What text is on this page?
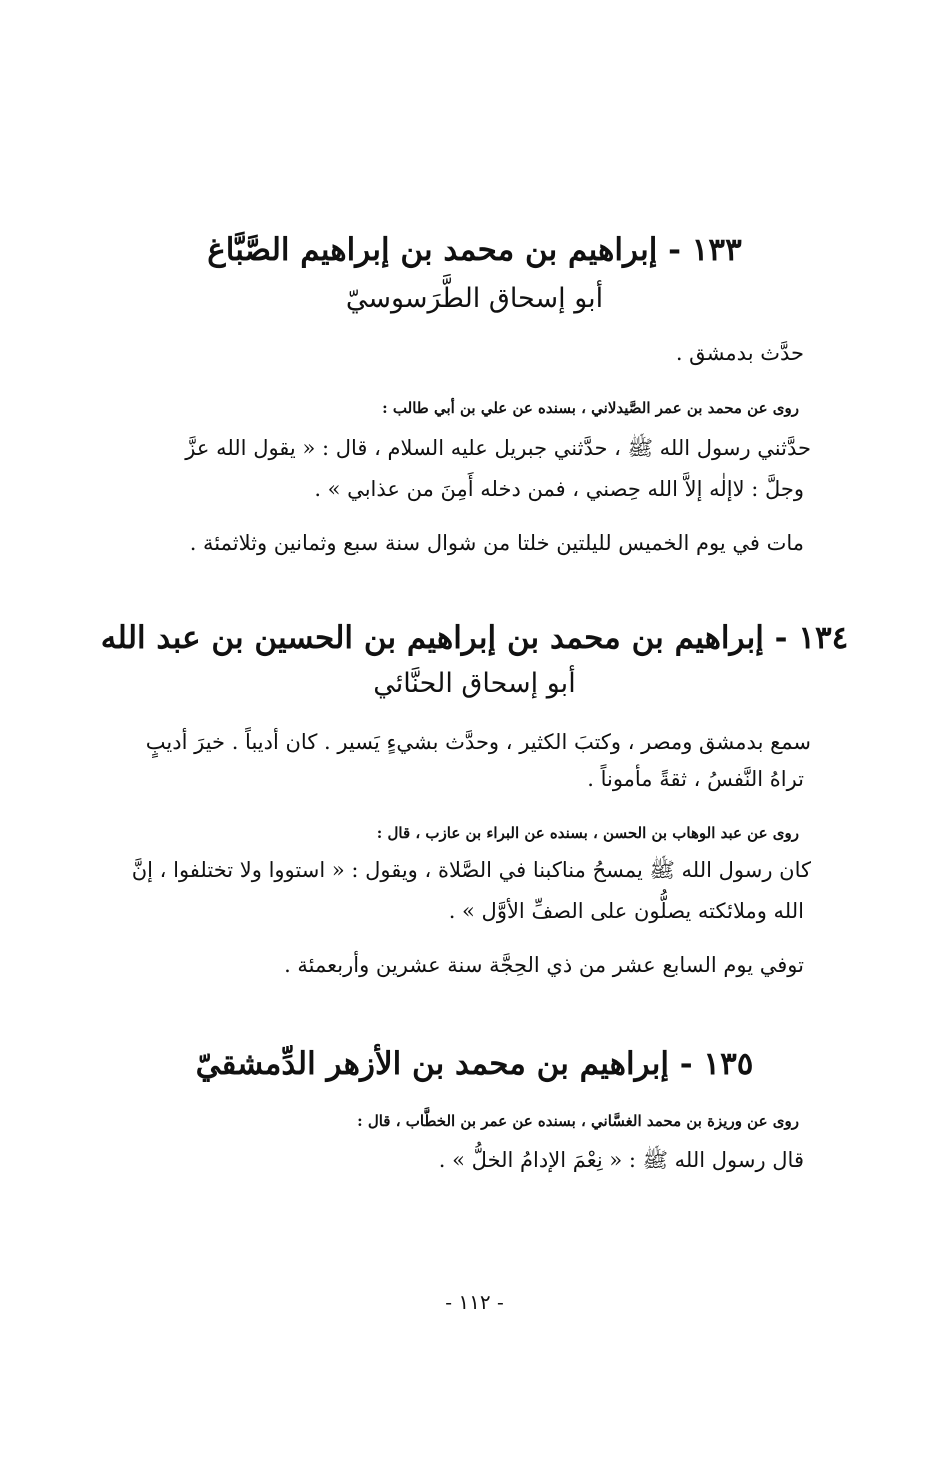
١٣٣ - إبراهيم بن محمد بن إبراهيم الصَّبَّاغ
أبو إسحاق الطَّرَسوسيّ
حدَّث بدمشق .
روى عن محمد بن عمر الصَّيدلاني ، بسنده عن علي بن أبي طالب :
حدَّثني رسول الله ﷺ ، حدَّثني جبريل عليه السلام ، قال : « يقول الله عزَّ
وجلَّ : لاإلٰه إلاَّ الله حِصني ، فمن دخله أَمِنَ من عذابي » .
مات في يوم الخميس لليلتين خلتا من شوال سنة سبع وثمانين وثلاثمئة .
١٣٤ - إبراهيم بن محمد بن إبراهيم بن الحسين بن عبد الله
أبو إسحاق الحنَّائي
سمع بدمشق ومصر ، وكتبَ الكثير ، وحدَّث بشيءٍ يَسير . كان أديباً . خيرَ أديبٍ
تراهُ النَّفسُ ، ثقةً مأموناً .
روى عن عبد الوهاب بن الحسن ، بسنده عن البراء بن عازب ، قال :
كان رسول الله ﷺ يمسحُ مناكبنا في الصَّلاة ، ويقول : « استووا ولا تختلفوا ، إنَّ
الله وملائكته يصلُّون على الصفِّ الأوَّل » .
توفي يوم السابع عشر من ذي الحِجَّة سنة عشرين وأربعمئة .
١٣٥ - إبراهيم بن محمد بن الأزهر الدِّمشقيّ
روى عن وريزة بن محمد الغسَّاني ، بسنده عن عمر بن الخطَّاب ، قال :
قال رسول الله ﷺ : « نِعْمَ الإدامُ الخلُّ » .
- ١١٢ -
